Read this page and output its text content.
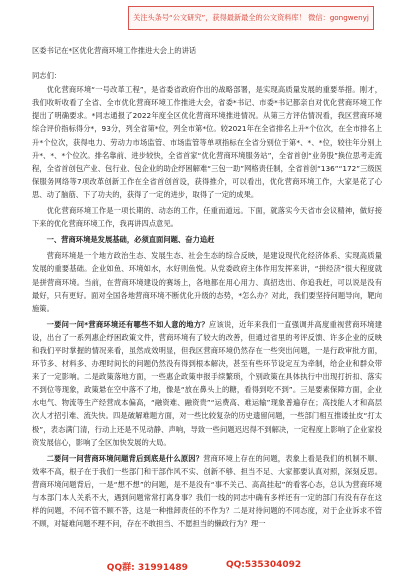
关注头条号“公文研究”，获得最新最全的公文资料库！ 微信：gongwenyj

区委书记在*区优化营商环境工作推进大会上的讲话

同志们：

优化营商环境“一号改革工程”，是省委省政府作出的战略部署，是实现高质量发展的重要举措。刚才，我们收听收看了全省、全市优化营商环境工作推进大会，省委*书记、市委*书记都亲自对优化营商环境工作提出了明确要求。*同志通报了2022年度全区优化营商环境推进情况。从第三方评估情况看，我区营商环境综合评价指标得分*，93分，列全省第*位，列全市第*位。较2021年在全省排名上升*个位次，在全市排名上升*个位次，获得电力、劳动力市场监管、市场监管等单项指标在全省分别位于第*、*、*位，较往年分别上升*、*、*个位次。排名靠前、进步较快，全省首家“优化营商环境服务站”，全省首创“业务股”换位思考走流程，全省首创包产业、包行业、包企业的助企纾困解难“三包一助”网格责任制，全省首创“136”“172”三级医保服务网络等7项改革创新工作在全省首创首设，获得推介，可以看出，优化营商环境工作，大家是花了心思、动了脑筋、下了功夫的，获得了一定的进步，取得了一定的成果。

优化营商环境工作是一项长期的、动态的工作，任重而道远。下面，就落实今天省市会议精神，做好接下来的优化营商环境工作，我再讲四点意见。

一、营商环境是发展基础，必须直面问题、奋力追赶

营商环境是一个地方政治生态、发展生态、社会生态的综合反映，是建设现代化经济体系、实现高质量发展的重要基础。企业如鱼、环境如水，水好则鱼悦。从党委政府主体作用发挥来讲，“拼经济”很大程度就是拼营商环境。当前，在营商环境建设的赛场上，各地都在用心用力、真招迭出、你追我赶，可以说是没有最好，只有更好。面对全国各地营商环境不断优化升级的态势，*怎么办？对此，我们要坚持问题导向，靶向施策。

一要问一问*营商环境还有哪些不如人意的地方？应该说，近年来我们一直强调并高度重视营商环境建设，出台了一系列惠企纾困政策文件，营商环境有了较大的改善，但通过省里的考评反馈、许多企业的反映和我们平时掌握的情况来看，虽然成效明显，但我区营商环境仍然存在一些突出问题，一是行政审批方面，环节多、材料多、办理时间长的问题仍然没有得到根本解决，甚至有些环节设定互为牵制，给企业和群众带来了一定影响。二是政策落地方面，一些惠企政策申报手续繁琐，个别政策在具体执行中出现打折扣、落实不到位等现象，政策悬在空中落不了地，像是“放在鼻头上的糖，看得到吃不到”。三是要素保障方面，企业水电气、物流等生产经营成本偏高，“融资难、融资贵”“运费高、难运输”现象普遍存在；高技能人才和高层次人才招引难、流失快。四是破解难题方面，对一些比较复杂的历史遗留问题，一些部门相互推诿扯皮“打太极”，表态满门清，行动上还是不见动静、声响，导致一些问题迟迟得不到解决，一定程度上影响了企业家投资发展信心，影响了全区加快发展的大局。

二要问一问营商环境问题背后到底是什么原因？营商环境上存在的问题，表象上看是我们的机制不顺、效率不高，根子在于我们一些部门和干部作风不实、创新不够、担当不足、大家都要认真对照，深刻反思。营商环境问题背后，一是“想不想”的问题，是不是没有“事不关己、高高挂起”的看客心态，总认为营商环境与本部门本人关系不大，遇到问题常常打离身事？我们一线的同志中确有多样还有一定的部门有没有存在这样的问题，不问不管不顾不答，这是一种推卸责任的不作为？二是对待问题的不同态度，对于企业诉求不管不顾，对疑难问题不理不问，存在不敢担当、不愿担当的懒政行为？理一

QQ群: 31991489	QQ:535304092
